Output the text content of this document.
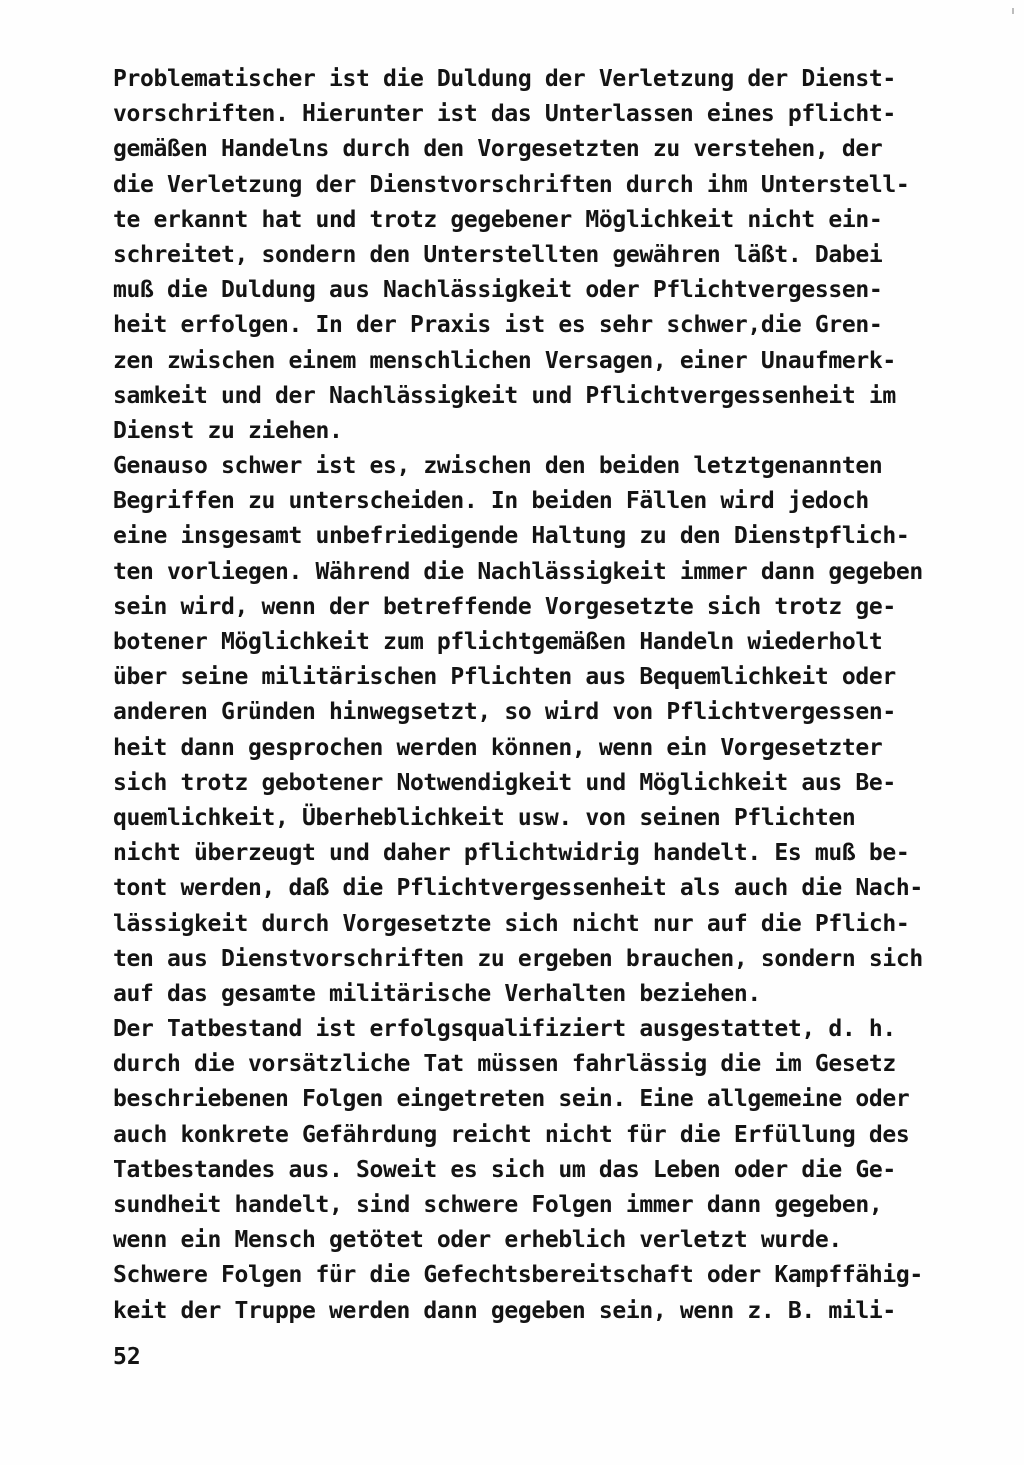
Problematischer ist die Duldung der Verletzung der Dienst-
vorschriften. Hierunter ist das Unterlassen eines pflicht-
gemäßen Handelns durch den Vorgesetzten zu verstehen, der
die Verletzung der Dienstvorschriften durch ihm Unterstell-
te erkannt hat und trotz gegebener Möglichkeit nicht ein-
schreitet, sondern den Unterstellten gewähren läßt. Dabei
muß die Duldung aus Nachlässigkeit oder Pflichtvergessen-
heit erfolgen. In der Praxis ist es sehr schwer,die Gren-
zen zwischen einem menschlichen Versagen, einer Unaufmerk-
samkeit und der Nachlässigkeit und Pflichtvergessenheit im
Dienst zu ziehen.
Genauso schwer ist es, zwischen den beiden letztgenannten
Begriffen zu unterscheiden. In beiden Fällen wird jedoch
eine insgesamt unbefriedigende Haltung zu den Dienstpflich-
ten vorliegen. Während die Nachlässigkeit immer dann gegeben
sein wird, wenn der betreffende Vorgesetzte sich trotz ge-
botener Möglichkeit zum pflichtgemäßen Handeln wiederholt
über seine militärischen Pflichten aus Bequemlichkeit oder
anderen Gründen hinwegsetzt, so wird von Pflichtvergessen-
heit dann gesprochen werden können, wenn ein Vorgesetzter
sich trotz gebotener Notwendigkeit und Möglichkeit aus Be-
quemlichkeit, Überheblichkeit usw. von seinen Pflichten
nicht überzeugt und daher pflichtwidrig handelt. Es muß be-
tont werden, daß die Pflichtvergessenheit als auch die Nach-
lässigkeit durch Vorgesetzte sich nicht nur auf die Pflich-
ten aus Dienstvorschriften zu ergeben brauchen, sondern sich
auf das gesamte militärische Verhalten beziehen.
Der Tatbestand ist erfolgsqualifiziert ausgestattet, d. h.
durch die vorsätzliche Tat müssen fahrlässig die im Gesetz
beschriebenen Folgen eingetreten sein. Eine allgemeine oder
auch konkrete Gefährdung reicht nicht für die Erfüllung des
Tatbestandes aus. Soweit es sich um das Leben oder die Ge-
sundheit handelt, sind schwere Folgen immer dann gegeben,
wenn ein Mensch getötet oder erheblich verletzt wurde.
Schwere Folgen für die Gefechtsbereitschaft oder Kampffähig-
keit der Truppe werden dann gegeben sein, wenn z. B. mili-
52
